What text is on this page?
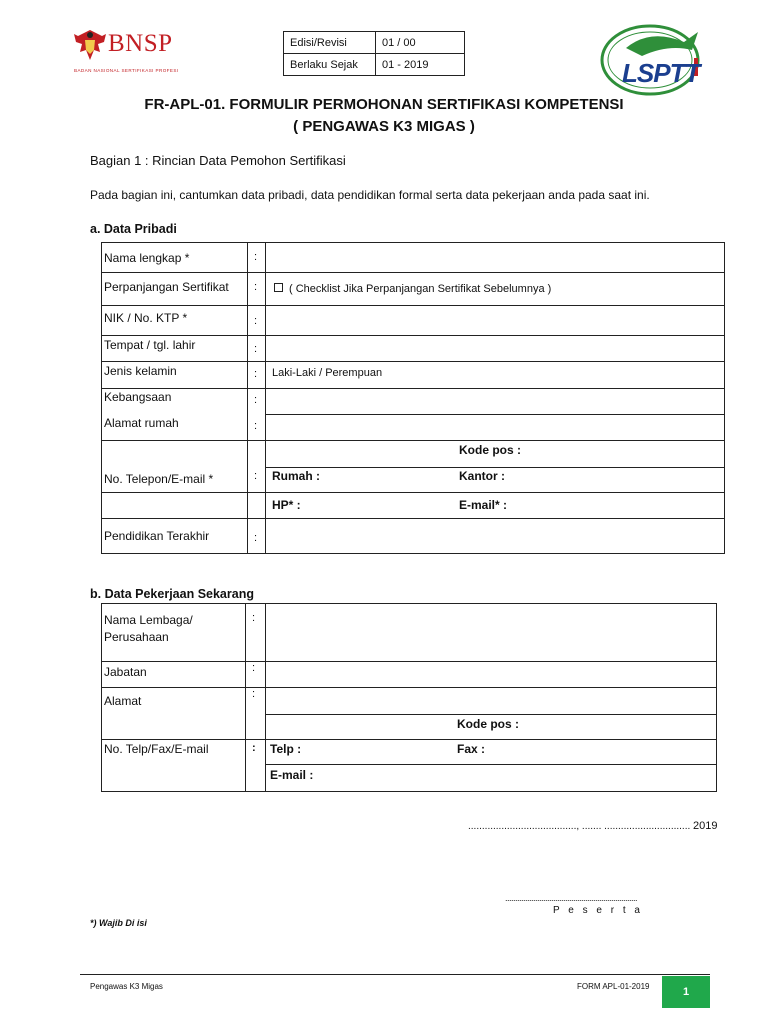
BNSP
BADAN NASIONAL SERTIFIKASI PROFESI
Edisi/Revisi	01 / 00
Berlaku Sejak	01 - 2019	LSPTT
FR-APL-01. FORMULIR PERMOHONAN SERTIFIKASI KOMPETENSI
( PENGAWAS K3 MIGAS )
Bagian 1 : Rincian Data Pemohon Sertifikasi
Pada bagian ini, cantumkan data pribadi, data pendidikan formal serta data pekerjaan anda pada saat ini.
a. Data Pribadi
Nama lengkap *	:
Perpanjangan Sertifikat :	( Checklist Jika Perpanjangan Sertifikat Sebelumnya )
NIK / No. KTP *	:
Tempat / tgl. lahir	:
Jenis kelamin	: Laki-Laki / Perempuan
Kebangsaan	:
Alamat rumah	:
Kode pos :
No. Telepon/E-mail *	: Rumah :	Kantor :
HP* :	E-mail* :
Pendidikan Terakhir	:
b. Data Pekerjaan Sekarang
Nama Lembaga/
Perusahaan
:
Jabatan	:
Alamat	:
Kode pos :
No. Telp/Fax/E-mail	: Telp :	Fax :
E-mail :
......................................., ....... ............................... 2019
..................................................................
P e s e r t a
*) Wajib Di isi
Pengawas K3 Migas	FORM APL-01-2019	1
